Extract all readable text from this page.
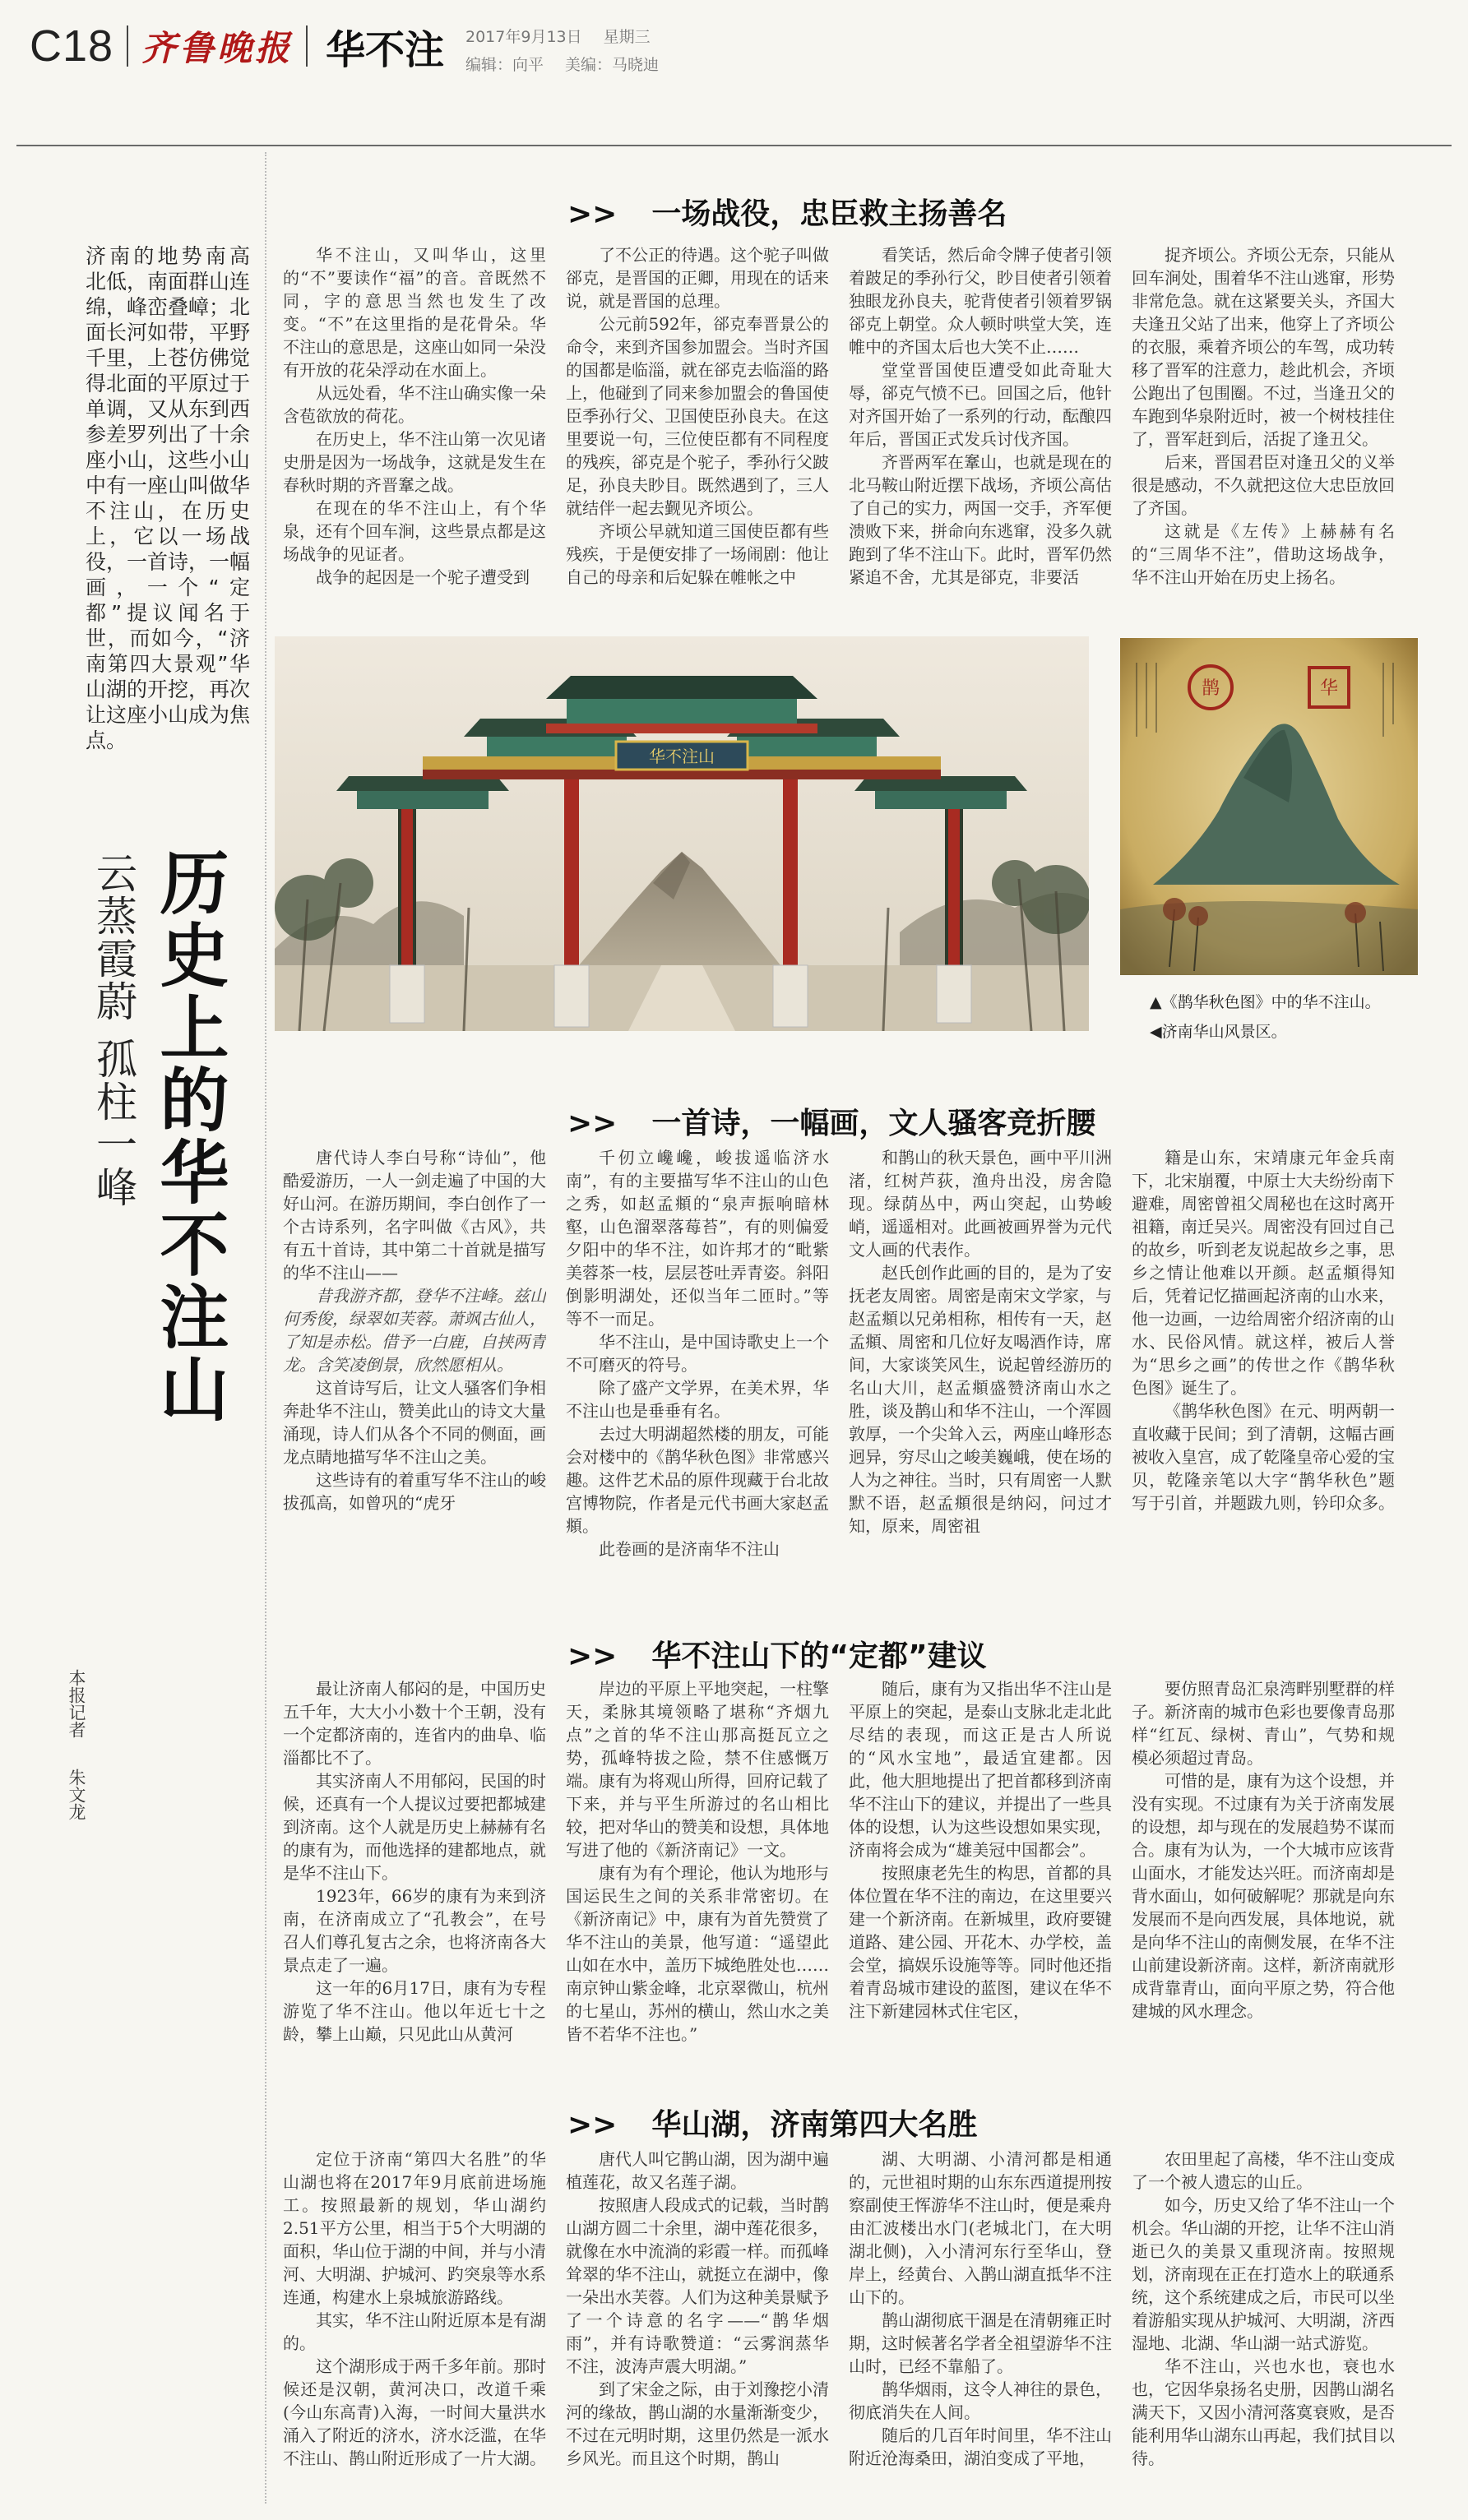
C18 齐鲁晚报 华不注 2017年9月13日 星期三
编辑：向平 美编：马晓迪
济南的地势南高北低，南面群山连绵，峰峦叠嶂；北面长河如带，平野千里，上苍仿佛觉得北面的平原过于单调，又从东到西参差罗列出了十余座小山，这些小山中有一座山叫做华不注山，在历史上，它以一场战役，一首诗，一幅画，一个“定都”提议闻名于世，而如今，“济南第四大景观”华山湖的开挖，再次让这座小山成为焦点。
历史上的华不注山
云蒸霞蔚 孤柱一峰
本报记者 朱文龙
>> 一场战役，忠臣救主扬善名
>> 一首诗，一幅画，文人骚客竞折腰
>> 华不注山下的“定都”建议
>> 华山湖，济南第四大名胜

华不注山，又叫华山，这里的“不”要读作“福”的音。音既然不同，字的意思当然也发生了改变。“不”在这里指的是花骨朵。华不注山的意思是，这座山如同一朵没有开放的花朵浮动在水面上。

从远处看，华不注山确实像一朵含苞欲放的荷花。

在历史上，华不注山第一次见诸史册是因为一场战争，这就是发生在春秋时期的齐晋鞌之战。

在现在的华不注山上，有个华泉，还有个回车涧，这些景点都是这场战争的见证者。

战争的起因是一个驼子遭受到

了不公正的待遇。这个驼子叫做郤克，是晋国的正卿，用现在的话来说，就是晋国的总理。

公元前592年，郤克奉晋景公的命令，来到齐国参加盟会。当时齐国的国都是临淄，就在郤克去临淄的路上，他碰到了同来参加盟会的鲁国使臣季孙行父、卫国使臣孙良夫。在这里要说一句，三位使臣都有不同程度的残疾，郤克是个驼子，季孙行父跛足，孙良夫眇目。既然遇到了，三人就结伴一起去觐见齐顷公。

齐顷公早就知道三国使臣都有些残疾，于是便安排了一场闹剧：他让自己的母亲和后妃躲在帷帐之中

看笑话，然后命令牌子使者引领着跛足的季孙行父，眇目使者引领着独眼龙孙良夫，驼背使者引领着罗锅郤克上朝堂。众人顿时哄堂大笑，连帷中的齐国太后也大笑不止……

堂堂晋国使臣遭受如此奇耻大辱，郤克气愤不已。回国之后，他针对齐国开始了一系列的行动，酝酿四年后，晋国正式发兵讨伐齐国。

齐晋两军在鞌山，也就是现在的北马鞍山附近摆下战场，齐顷公高估了自己的实力，两国一交手，齐军便溃败下来，拼命向东逃窜，没多久就跑到了华不注山下。此时，晋军仍然紧追不舍，尤其是郤克，非要活

捉齐顷公。齐顷公无奈，只能从回车涧处，围着华不注山逃窜，形势非常危急。就在这紧要关头，齐国大夫逢丑父站了出来，他穿上了齐顷公的衣服，乘着齐顷公的车驾，成功转移了晋军的注意力，趁此机会，齐顷公跑出了包围圈。不过，当逢丑父的车跑到华泉附近时，被一个树枝挂住了，晋军赶到后，活捉了逢丑父。

后来，晋国君臣对逢丑父的义举很是感动，不久就把这位大忠臣放回了齐国。

这就是《左传》上赫赫有名的“三周华不注”，借助这场战争，华不注山开始在历史上扬名。

唐代诗人李白号称“诗仙”，他酷爱游历，一人一剑走遍了中国的大好山河。在游历期间，李白创作了一个古诗系列，名字叫做《古风》，共有五十首诗，其中第二十首就是描写的华不注山——

昔我游齐都，登华不注峰。兹山何秀俊，绿翠如芙蓉。萧飒古仙人，了知是赤松。借予一白鹿，自挟两青龙。含笑凌倒景，欣然愿相从。

这首诗写后，让文人骚客们争相奔赴华不注山，赞美此山的诗文大量涌现，诗人们从各个不同的侧面，画龙点睛地描写华不注山之美。

这些诗有的着重写华不注山的峻拔孤高，如曾巩的“虎牙

千仞立巉巉，峻拔遥临济水南”，有的主要描写华不注山的山色之秀，如赵孟頫的“泉声振响暗林壑，山色溜翠落莓苔”，有的则偏爱夕阳中的华不注，如许邦才的“毗紫美蓉茶一枝，层层苍吐弄青姿。斜阳倒影明湖处，还似当年二匝时。”等等不一而足。

华不注山，是中国诗歌史上一个不可磨灭的符号。

除了盛产文学界，在美术界，华不注山也是垂垂有名。

去过大明湖超然楼的朋友，可能会对楼中的《鹊华秋色图》非常感兴趣。这件艺术品的原件现藏于台北故宫博物院，作者是元代书画大家赵孟頫。

此卷画的是济南华不注山

和鹊山的秋天景色，画中平川洲渚，红树芦荻，渔舟出没，房舍隐现。绿荫丛中，两山突起，山势峻峭，遥遥相对。此画被画界誉为元代文人画的代表作。

赵氏创作此画的目的，是为了安抚老友周密。周密是南宋文学家，与赵孟頫以兄弟相称，相传有一天，赵孟頫、周密和几位好友喝酒作诗，席间，大家谈笑风生，说起曾经游历的名山大川，赵孟頫盛赞济南山水之胜，谈及鹊山和华不注山，一个浑圆敦厚，一个尖耸入云，两座山峰形态迥异，穷尽山之峻美巍峨，使在场的人为之神往。当时，只有周密一人默默不语，赵孟頫很是纳闷，问过才知，原来，周密祖

籍是山东，宋靖康元年金兵南下，北宋崩覆，中原士大夫纷纷南下避难，周密曾祖父周秘也在这时离开祖籍，南迁吴兴。周密没有回过自己的故乡，听到老友说起故乡之事，思乡之情让他难以开颜。赵孟頫得知后，凭着记忆描画起济南的山水来，他一边画，一边给周密介绍济南的山水、民俗风情。就这样，被后人誉为“思乡之画”的传世之作《鹊华秋色图》诞生了。

《鹊华秋色图》在元、明两朝一直收藏于民间；到了清朝，这幅古画被收入皇宫，成了乾隆皇帝心爱的宝贝，乾隆亲笔以大字“鹊华秋色”题写于引首，并题跋九则，钤印众多。

最让济南人郁闷的是，中国历史五千年，大大小小数十个王朝，没有一个定都济南的，连省内的曲阜、临淄都比不了。

其实济南人不用郁闷，民国的时候，还真有一个人提议过要把都城建到济南。这个人就是历史上赫赫有名的康有为，而他选择的建都地点，就是华不注山下。

1923年，66岁的康有为来到济南，在济南成立了“孔教会”，在号召人们尊孔复古之余，也将济南各大景点走了一遍。

这一年的6月17日，康有为专程游览了华不注山。他以年近七十之龄，攀上山巅，只见此山从黄河

岸边的平原上平地突起，一柱擎天，柔脉其境领略了堪称“齐烟九点”之首的华不注山那高挺瓦立之势，孤峰特拔之险，禁不住感慨万端。康有为将观山所得，回府记载了下来，并与平生所游过的名山相比较，把对华山的赞美和设想，具体地写进了他的《新济南记》一文。

康有为有个理论，他认为地形与国运民生之间的关系非常密切。在《新济南记》中，康有为首先赞赏了华不注山的美景，他写道：“遥望此山如在水中，盖历下城绝胜处也……南京钟山紫金峰，北京翠微山，杭州的七星山，苏州的横山，然山水之美皆不若华不注也。”

随后，康有为又指出华不注山是平原上的突起，是泰山支脉北走北此尽结的表现，而这正是古人所说的“风水宝地”，最适宜建都。因此，他大胆地提出了把首都移到济南华不注山下的建议，并提出了一些具体的设想，认为这些设想如果实现，济南将会成为“雄美冠中国都会”。

按照康老先生的构思，首都的具体位置在华不注的南边，在这里要兴建一个新济南。在新城里，政府要键道路、建公园、开花木、办学校，盖会堂，搞娱乐设施等等。同时他还指着青岛城市建设的蓝图，建议在华不注下新建园林式住宅区，

要仿照青岛汇泉湾畔别墅群的样子。新济南的城市色彩也要像青岛那样“红瓦、绿树、青山”，气势和规模必须超过青岛。

可惜的是，康有为这个设想，并没有实现。不过康有为关于济南发展的设想，却与现在的发展趋势不谋而合。康有为认为，一个大城市应该背山面水，才能发达兴旺。而济南却是背水面山，如何破解呢？那就是向东发展而不是向西发展，具体地说，就是向华不注山的南侧发展，在华不注山前建设新济南。这样，新济南就形成背靠青山，面向平原之势，符合他建城的风水理念。

定位于济南“第四大名胜”的华山湖也将在2017年9月底前进场施工。按照最新的规划，华山湖约2.51平方公里，相当于5个大明湖的面积，华山位于湖的中间，并与小清河、大明湖、护城河、趵突泉等水系连通，构建水上泉城旅游路线。

其实，华不注山附近原本是有湖的。

这个湖形成于两千多年前。那时候还是汉朝，黄河决口，改道千乘(今山东高青)入海，一时间大量洪水涌入了附近的济水，济水泛滥，在华不注山、鹊山附近形成了一片大湖。

唐代人叫它鹊山湖，因为湖中遍植莲花，故又名莲子湖。

按照唐人段成式的记载，当时鹊山湖方圆二十余里，湖中莲花很多，就像在水中流淌的彩霞一样。而孤峰耸翠的华不注山，就挺立在湖中，像一朵出水芙蓉。人们为这种美景赋予了一个诗意的名字——“鹊华烟雨”，并有诗歌赞道：“云雾润蒸华不注，波涛声震大明湖。”

到了宋金之际，由于刘豫挖小清河的缘故，鹊山湖的水量渐渐变少，不过在元明时期，这里仍然是一派水乡风光。而且这个时期，鹊山

湖、大明湖、小清河都是相通的，元世祖时期的山东东西道提刑按察副使王恽游华不注山时，便是乘舟由汇波楼出水门(老城北门，在大明湖北侧)，入小清河东行至华山，登岸上，经黄台、入鹊山湖直抵华不注山下的。

鹊山湖彻底干涸是在清朝雍正时期，这时候著名学者全祖望游华不注山时，已经不靠船了。

鹊华烟雨，这令人神往的景色，彻底消失在人间。

随后的几百年时间里，华不注山附近沧海桑田，湖泊变成了平地，

农田里起了高楼，华不注山变成了一个被人遗忘的山丘。

如今，历史又给了华不注山一个机会。华山湖的开挖，让华不注山消逝已久的美景又重现济南。按照规划，济南现在正在打造水上的联通系统，这个系统建成之后，市民可以坐着游船实现从护城河、大明湖，济西湿地、北湖、华山湖一站式游览。

华不注山，兴也水也，衰也水也，它因华泉扬名史册，因鹊山湖名满天下，又因小清河落寞衰败，是否能利用华山湖东山再起，我们拭目以待。

华不注山
鹊	华
▲《鹊华秋色图》中的华不注山。
◀济南华山风景区。
